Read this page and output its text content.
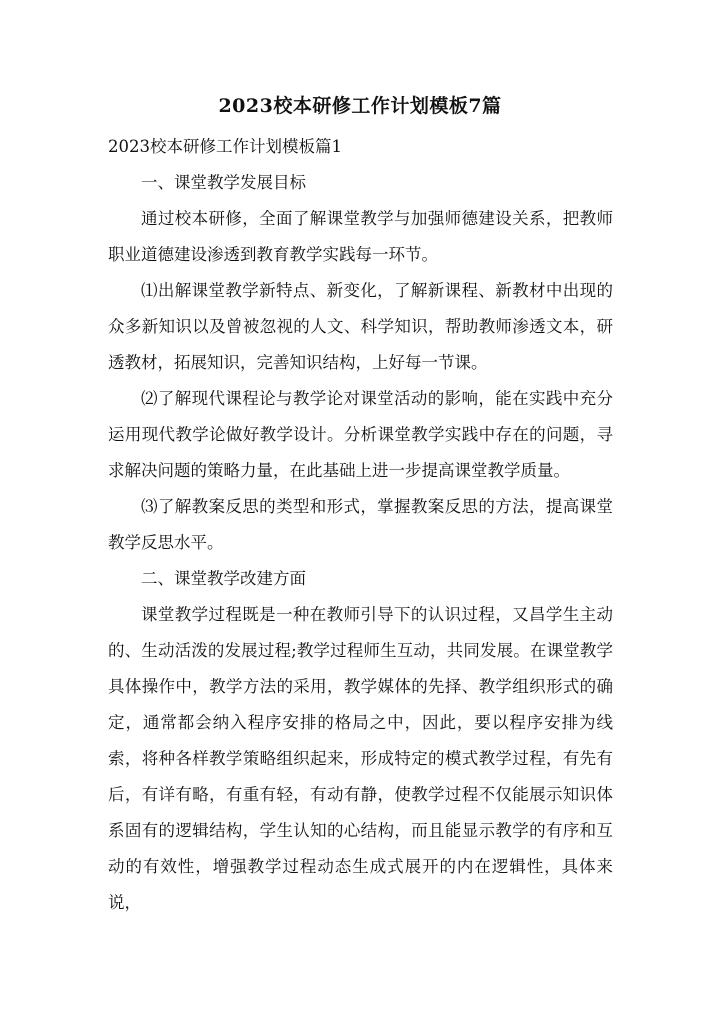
2023校本研修工作计划模板7篇

2023校本研修工作计划模板篇1

一、课堂教学发展目标

通过校本研修，全面了解课堂教学与加强师德建设关系，把教师职业道德建设渗透到教育教学实践每一环节。

⑴出解课堂教学新特点、新变化，了解新课程、新教材中出现的众多新知识以及曾被忽视的人文、科学知识，帮助教师渗透文本，研透教材，拓展知识，完善知识结构，上好每一节课。

⑵了解现代课程论与教学论对课堂活动的影响，能在实践中充分运用现代教学论做好教学设计。分析课堂教学实践中存在的问题，寻求解决问题的策略力量，在此基础上进一步提高课堂教学质量。

⑶了解教案反思的类型和形式，掌握教案反思的方法，提高课堂教学反思水平。

二、课堂教学改建方面

课堂教学过程既是一种在教师引导下的认识过程，又昌学生主动的、生动活泼的发展过程;教学过程师生互动，共同发展。在课堂教学具体操作中，教学方法的采用，教学媒体的先择、教学组织形式的确定，通常都会纳入程序安排的格局之中，因此，要以程序安排为线索，将种各样教学策略组织起来，形成特定的模式教学过程，有先有后，有详有略，有重有轻，有动有静，使教学过程不仅能展示知识体系固有的逻辑结构，学生认知的心结构，而且能显示教学的有序和互动的有效性，增强教学过程动态生成式展开的内在逻辑性，具体来说，
